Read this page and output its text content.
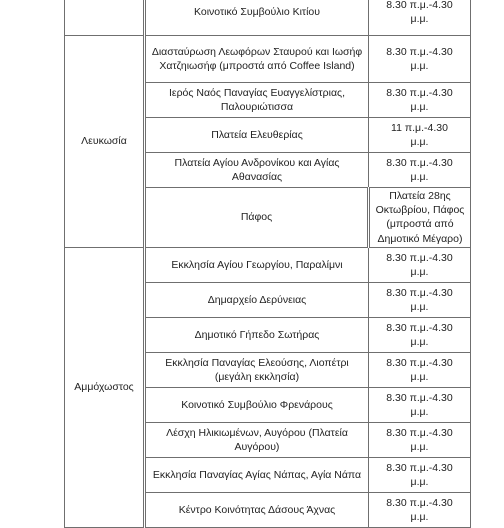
	Κοινοτικό Συμβούλιο Κιτίου	8.30 π.μ.-4.30
μ.μ.	

Λευκωσία	Διασταύρωση Λεωφόρων Σταυρού και Ιωσήφ Χατζηιωσήφ (μπροστά από Coffee Island)	8.30 π.μ.-4.30
μ.μ.	

	Ιερός Ναός Παναγίας Ευαγγελίστριας, Παλουριώτισσα	8.30 π.μ.-4.30
μ.μ.	

	Πλατεία Ελευθερίας	11 π.μ.-4.30
μ.μ.	

	Πλατεία Αγίου Ανδρονίκου και Αγίας Αθανασίας	8.30 π.μ.-4.30
μ.μ.	

	Πάφος	Πλατεία 28ης Οκτωβρίου, Πάφος (μπροστά από Δημοτικό Μέγαρο)	

Αμμόχωστος	Εκκλησία Αγίου Γεωργίου, Παραλίμνι	8.30 π.μ.-4.30
μ.μ.	

	Δημαρχείο Δερύνειας	8.30 π.μ.-4.30
μ.μ.	

	Δημοτικό Γήπεδο Σωτήρας	8.30 π.μ.-4.30
μ.μ.	

	Εκκλησία Παναγίας Ελεούσης, Λιοπέτρι (μεγάλη εκκλησία)	8.30 π.μ.-4.30
μ.μ.	

	Κοινοτικό Συμβούλιο Φρενάρους	8.30 π.μ.-4.30
μ.μ.	

	Λέσχη Ηλικιωμένων, Αυγόρου (Πλατεία Αυγόρου)	8.30 π.μ.-4.30
μ.μ.	

	Εκκλησία Παναγίας Αγίας Νάπας, Αγία Νάπα	8.30 π.μ.-4.30
μ.μ.	

	Κέντρο Κοινότητας Δάσους Άχνας	8.30 π.μ.-4.30
μ.μ.	
